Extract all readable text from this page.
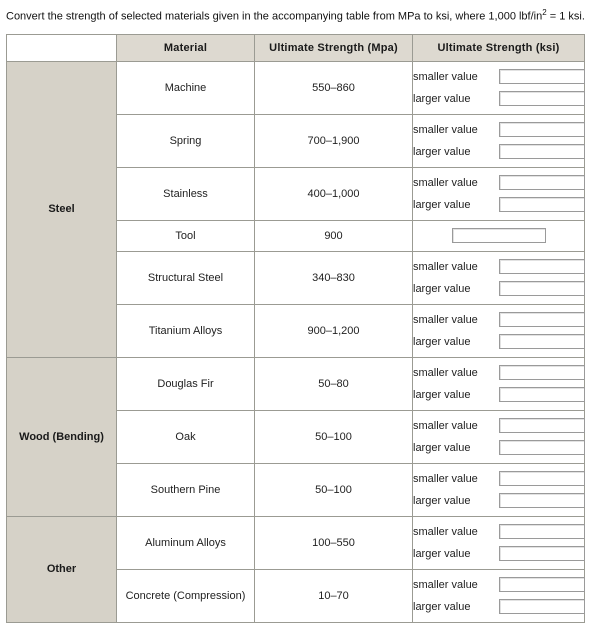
Convert the strength of selected materials given in the accompanying table from MPa to ksi, where 1,000 lbf/$in^2 = 1$ ksi.
	Material	Ultimate Strength (Mpa)	Ultimate Strength (ksi)
Steel	Machine	550–860	smaller value
larger value

	Spring	700–1,900	smaller value
larger value

	Stainless	400–1,000	smaller value
larger value

	Tool	900	

	Structural Steel	340–830	smaller value
larger value

	Titanium Alloys	900–1,200	smaller value
larger value

Wood (Bending)	Douglas Fir	50–80	smaller value
larger value

	Oak	50–100	smaller value
larger value

	Southern Pine	50–100	smaller value
larger value

Other	Aluminum Alloys	100–550	smaller value
larger value

	Concrete (Compression)	10–70	smaller value
larger value
